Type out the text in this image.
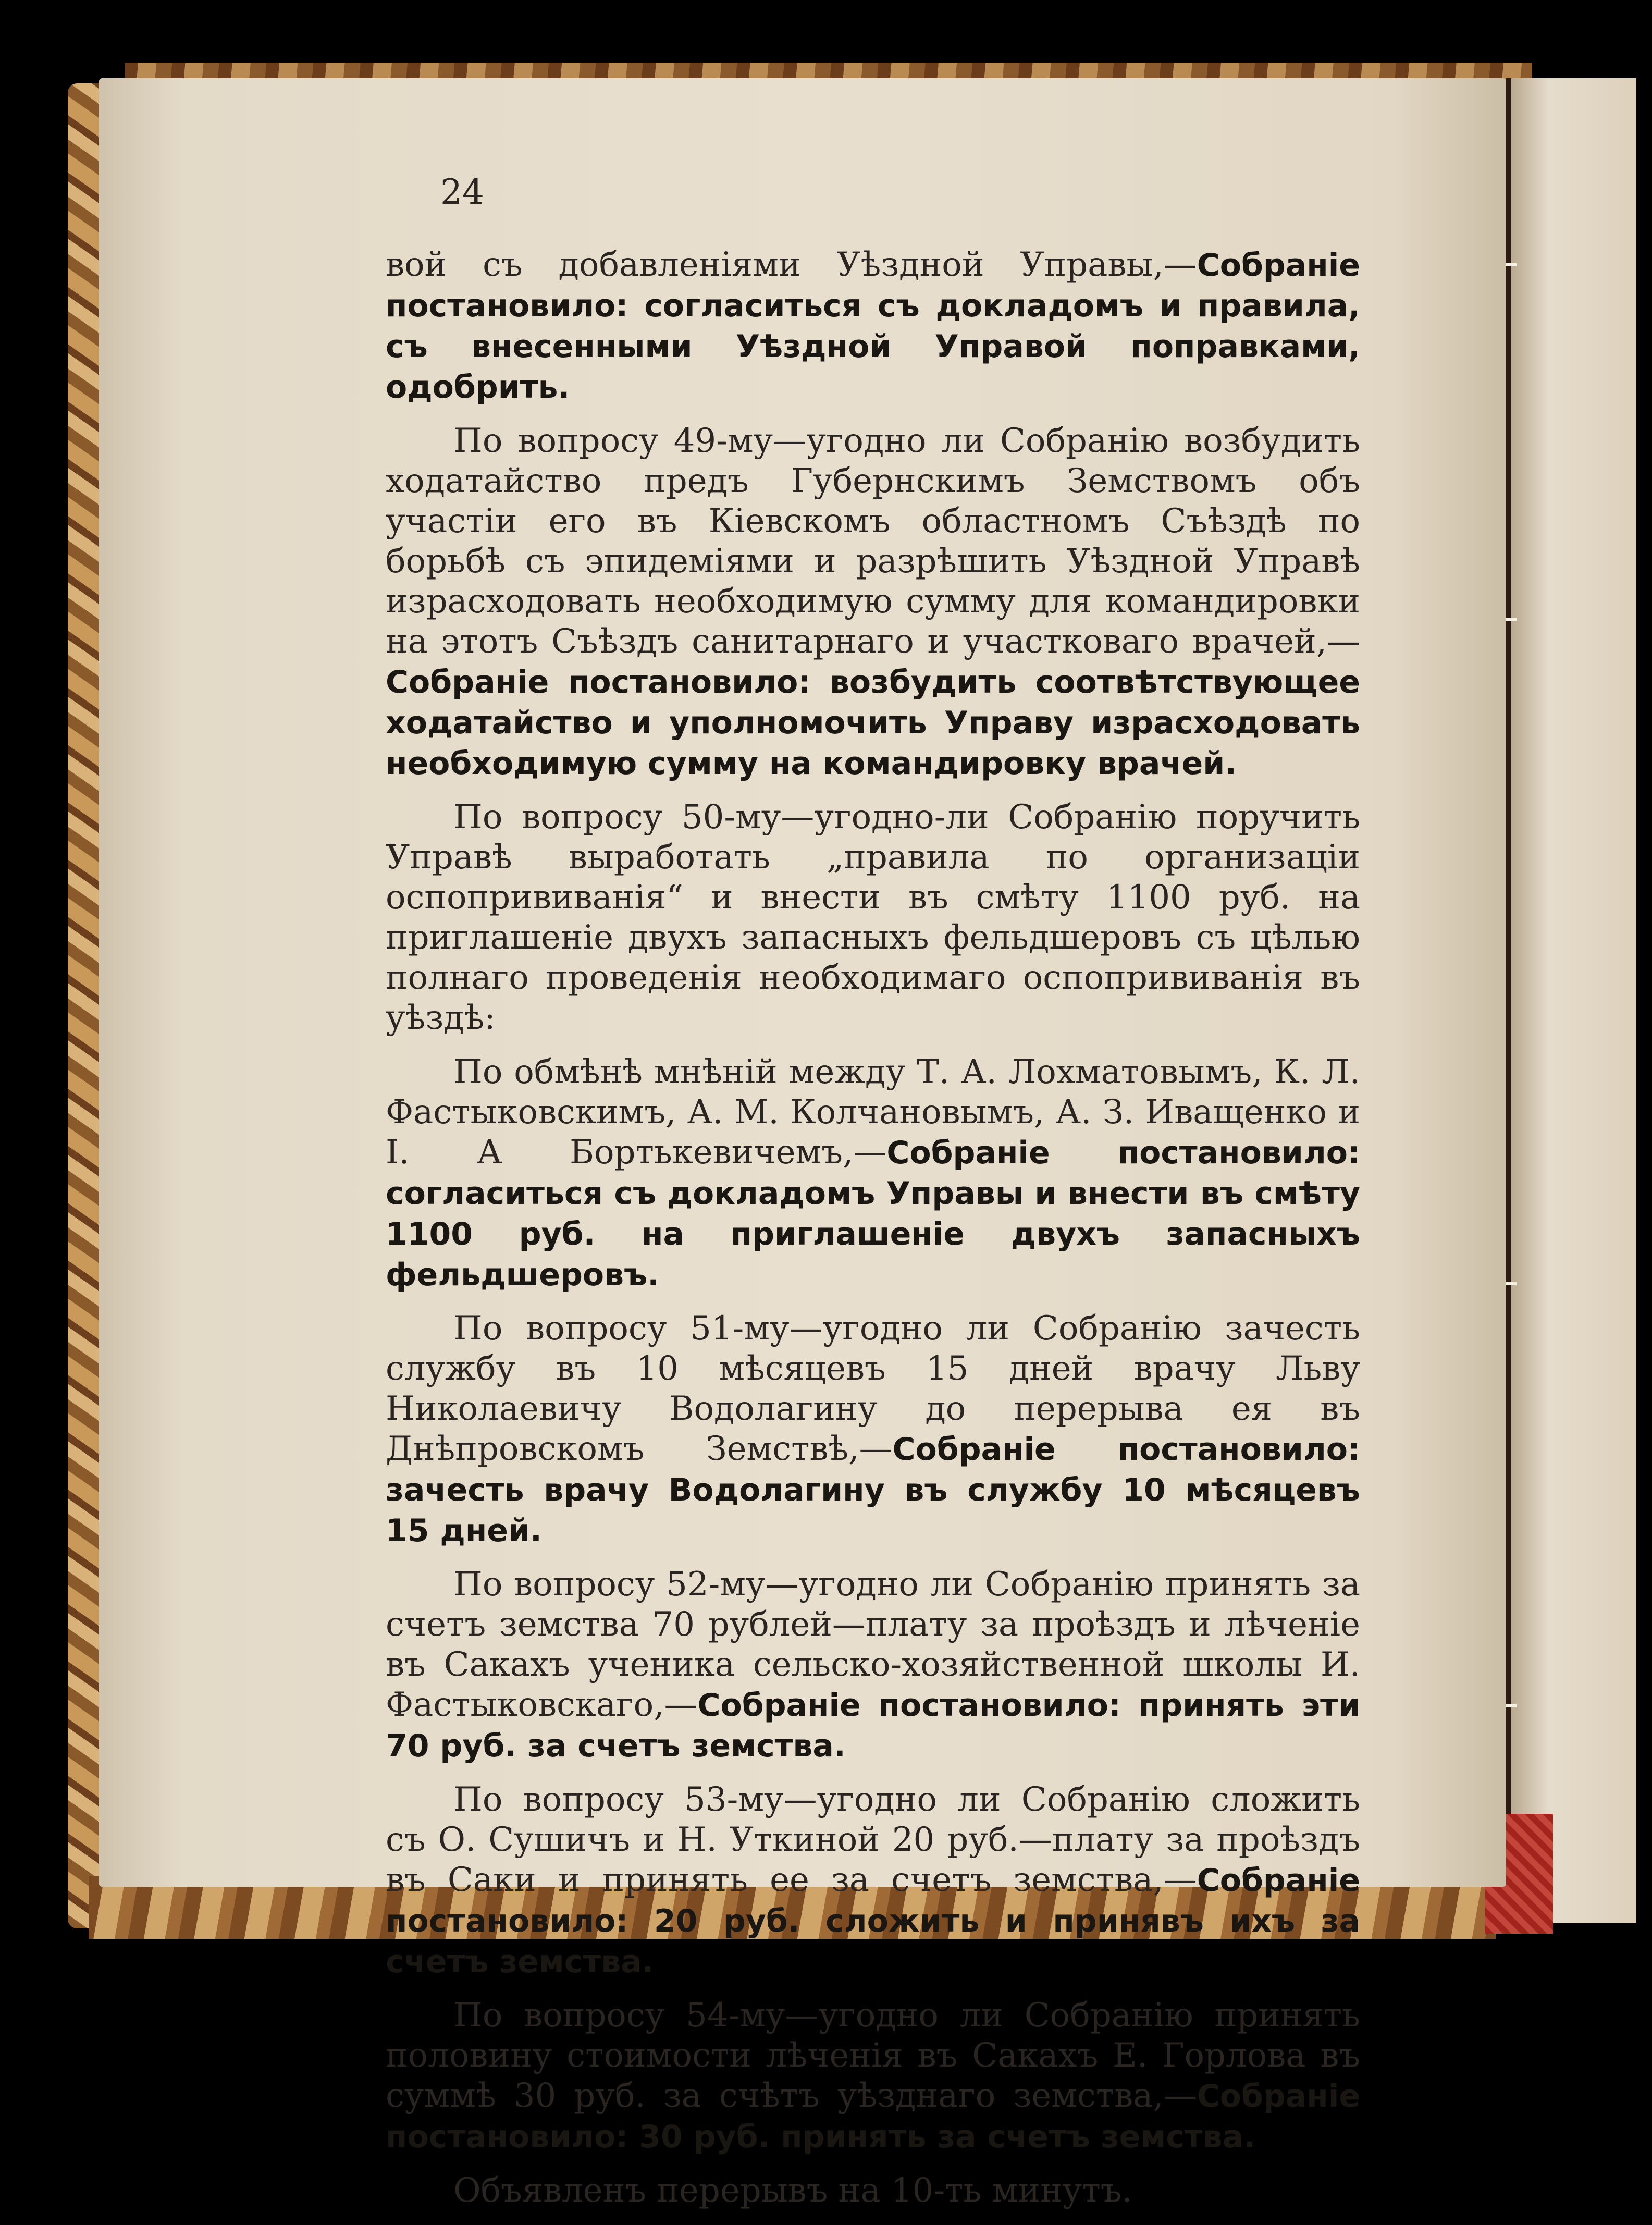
24

вой съ добавленіями Уѣздной Управы,—Собраніе постановило: согласиться съ докладомъ и правила, съ внесенными Уѣздной Управой поправками, одобрить.

По вопросу 49-му—угодно ли Собранію возбудить ходатайство предъ Губернскимъ Земствомъ объ участіи его въ Кіевскомъ областномъ Съѣздѣ по борьбѣ съ эпидеміями и разрѣшить Уѣздной Управѣ израсходовать необходимую сумму для командировки на этотъ Съѣздъ санитарнаго и участковаго врачей,—Собраніе постановило: возбудить соотвѣтствующее ходатайство и уполномочить Управу израсходовать необходимую сумму на командировку врачей.

По вопросу 50-му—угодно-ли Собранію поручить Управѣ выработать „правила по организаціи оспопрививанія“ и внести въ смѣту 1100 руб. на приглашеніе двухъ запасныхъ фельдшеровъ съ цѣлью полнаго проведенія необходимаго оспопрививанія въ уѣздѣ:

По обмѣнѣ мнѣній между Т. А. Лохматовымъ, К. Л. Фастыковскимъ, А. М. Колчановымъ, А. З. Иващенко и І. А Бортькевичемъ,—Собраніе постановило: согласиться съ докладомъ Управы и внести въ смѣту 1100 руб. на приглашеніе двухъ запасныхъ фельдшеровъ.

По вопросу 51-му—угодно ли Собранію зачесть службу въ 10 мѣсяцевъ 15 дней врачу Льву Николаевичу Водолагину до перерыва ея въ Днѣпровскомъ Земствѣ,—Собраніе постановило: зачесть врачу Водолагину въ службу 10 мѣсяцевъ 15 дней.

По вопросу 52-му—угодно ли Собранію принять за счетъ земства 70 рублей—плату за проѣздъ и лѣченіе въ Сакахъ ученика сельско-хозяйственной школы И. Фастыковскаго,—Собраніе постановило: принять эти 70 руб. за счетъ земства.

По вопросу 53-му—угодно ли Собранію сложить съ О. Сушичъ и Н. Уткиной 20 руб.—плату за проѣздъ въ Саки и принять ее за счетъ земства,—Собраніе постановило: 20 руб. сложить и принявъ ихъ за счетъ земства.

По вопросу 54-му—угодно ли Собранію принять половину стоимости лѣченія въ Сакахъ Е. Горлова въ суммѣ 30 руб. за счѣтъ уѣзднаго земства,—Собраніе постановило: 30 руб. принять за счетъ земства.

Объявленъ перерывъ на 10-ть минутъ.
